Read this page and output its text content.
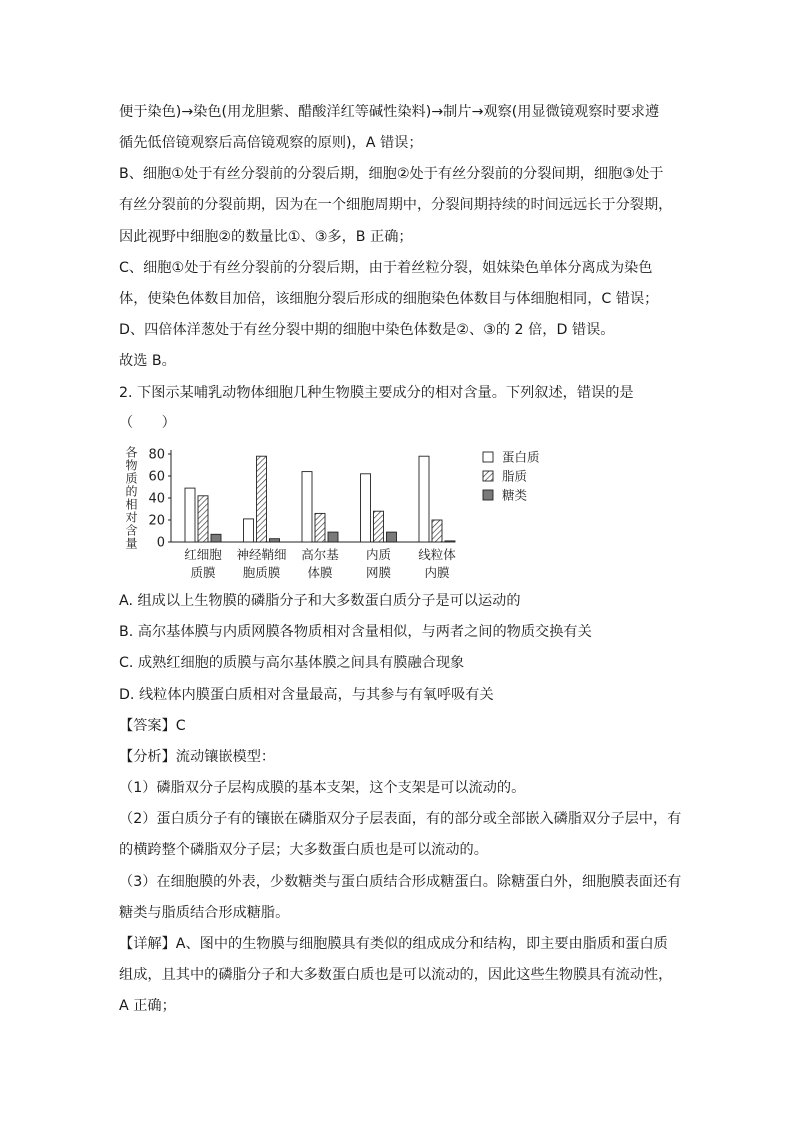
便于染色)→染色(用龙胆紫、醋酸洋红等碱性染料)→制片→观察(用显微镜观察时要求遵
循先低倍镜观察后高倍镜观察的原则)，A 错误；
B、细胞①处于有丝分裂前的分裂后期，细胞②处于有丝分裂前的分裂间期，细胞③处于
有丝分裂前的分裂前期，因为在一个细胞周期中，分裂间期持续的时间远远长于分裂期，
因此视野中细胞②的数量比①、③多，B 正确；
C、细胞①处于有丝分裂前的分裂后期，由于着丝粒分裂，姐妹染色单体分离成为染色
体，使染色体数目加倍，该细胞分裂后形成的细胞染色体数目与体细胞相同，C 错误；
D、四倍体洋葱处于有丝分裂中期的细胞中染色体数是②、③的 2 倍，D 错误。
故选 B。
2. 下图示某哺乳动物体细胞几种生物膜主要成分的相对含量。下列叙述，错误的是
（　　）
各物质的相对含量 0
20
40
60
80
红细胞
质膜
神经鞘细
胞质膜
高尔基
体膜
内质
网膜
线粒体
内膜
蛋白质
脂质
糖类
A. 组成以上生物膜的磷脂分子和大多数蛋白质分子是可以运动的
B. 高尔基体膜与内质网膜各物质相对含量相似，与两者之间的物质交换有关
C. 成熟红细胞的质膜与高尔基体膜之间具有膜融合现象
D. 线粒体内膜蛋白质相对含量最高，与其参与有氧呼吸有关
【答案】C
【分析】流动镶嵌模型：
（1）磷脂双分子层构成膜的基本支架，这个支架是可以流动的。
（2）蛋白质分子有的镶嵌在磷脂双分子层表面，有的部分或全部嵌入磷脂双分子层中，有
的横跨整个磷脂双分子层；大多数蛋白质也是可以流动的。
（3）在细胞膜的外表，少数糖类与蛋白质结合形成糖蛋白。除糖蛋白外，细胞膜表面还有
糖类与脂质结合形成糖脂。
【详解】A、图中的生物膜与细胞膜具有类似的组成成分和结构，即主要由脂质和蛋白质
组成，且其中的磷脂分子和大多数蛋白质也是可以流动的，因此这些生物膜具有流动性，
A 正确；
